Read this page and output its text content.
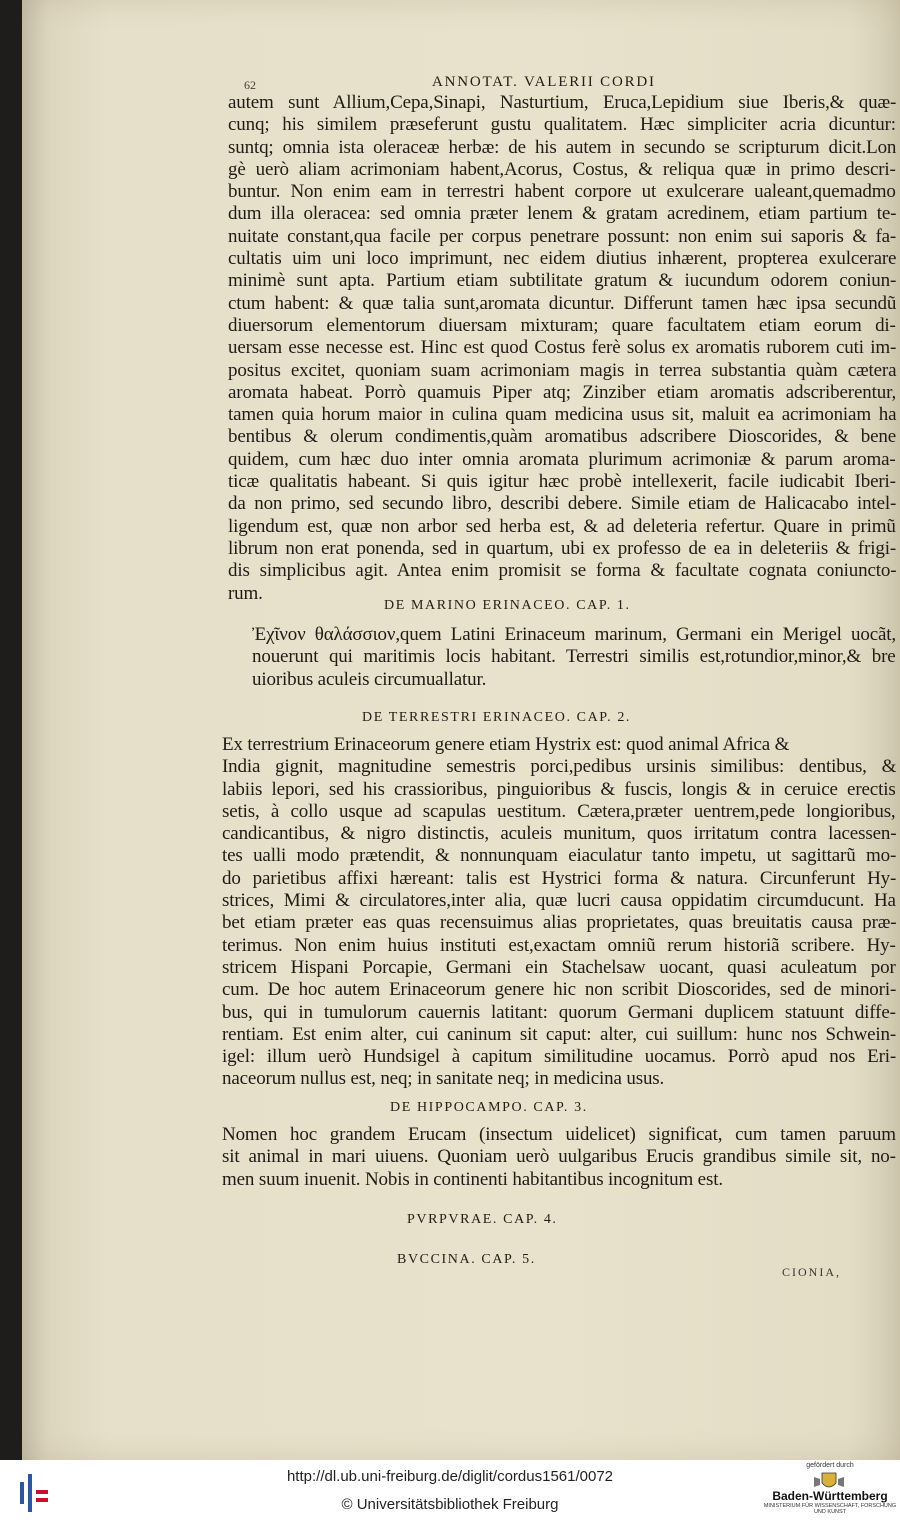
62	ANNOTAT. VALERII CORDI
autem sunt Allium,Cepa,Sinapi, Nasturtium, Eruca,Lepidium siue Iberis,& quæ-
cunq; his similem præseferunt gustu qualitatem. Hæc simpliciter acria dicuntur:
suntq; omnia ista oleraceæ herbæ: de his autem in secundo se scripturum dicit.Lon
gè uerò aliam acrimoniam habent,Acorus, Costus, & reliqua quæ in primo descri-
buntur. Non enim eam in terrestri habent corpore ut exulcerare ualeant,quemadmo
dum illa oleracea: sed omnia præter lenem & gratam acredinem, etiam partium te-
nuitate constant,qua facile per corpus penetrare possunt: non enim sui saporis & fa-
cultatis uim uni loco imprimunt, nec eidem diutius inhærent, propterea exulcerare
minimè sunt apta. Partium etiam subtilitate gratum & iucundum odorem coniun-
ctum habent: & quæ talia sunt,aromata dicuntur. Differunt tamen hæc ipsa secundũ
diuersorum elementorum diuersam mixturam; quare facultatem etiam eorum di-
uersam esse necesse est. Hinc est quod Costus ferè solus ex aromatis ruborem cuti im-
positus excitet, quoniam suam acrimoniam magis in terrea substantia quàm cætera
aromata habeat. Porrò quamuis Piper atq; Zinziber etiam aromatis adscriberentur,
tamen quia horum maior in culina quam medicina usus sit, maluit ea acrimoniam ha
bentibus & olerum condimentis,quàm aromatibus adscribere Dioscorides, & bene
quidem, cum hæc duo inter omnia aromata plurimum acrimoniæ & parum aroma-
ticæ qualitatis habeant. Si quis igitur hæc probè intellexerit, facile iudicabit Iberi-
da non primo, sed secundo libro, describi debere. Simile etiam de Halicacabo intel-
ligendum est, quæ non arbor sed herba est, & ad deleteria refertur. Quare in primũ
librum non erat ponenda, sed in quartum, ubi ex professo de ea in deleteriis & frigi-
dis simplicibus agit. Antea enim promisit se forma & facultate cognata coniuncto-
rum.
DE MARINO ERINACEO. CAP. 1.
Ἐχῖνον θαλάσσιον,quem Latini Erinaceum marinum, Germani ein Merigel uocãt,
nouerunt qui maritimis locis habitant. Terrestri similis est,rotundior,minor,& bre
uioribus aculeis circumuallatur.
DE TERRESTRI ERINACEO. CAP. 2.
Ex terrestrium Erinaceorum genere etiam Hystrix est: quod animal Africa &
India gignit, magnitudine semestris porci,pedibus ursinis similibus: dentibus, &
labiis lepori, sed his crassioribus, pinguioribus & fuscis, longis & in ceruice erectis
setis, à collo usque ad scapulas uestitum. Cætera,præter uentrem,pede longioribus,
candicantibus, & nigro distinctis, aculeis munitum, quos irritatum contra lacessen-
tes ualli modo prætendit, & nonnunquam eiaculatur tanto impetu, ut sagittarũ mo-
do parietibus affixi hæreant: talis est Hystrici forma & natura. Circunferunt Hy-
strices, Mimi & circulatores,inter alia, quæ lucri causa oppidatim circumducunt. Ha
bet etiam præter eas quas recensuimus alias proprietates, quas breuitatis causa præ-
terimus. Non enim huius instituti est,exactam omniũ rerum historiã scribere. Hy-
stricem Hispani Porcapie, Germani ein Stachelsaw uocant, quasi aculeatum por
cum. De hoc autem Erinaceorum genere hic non scribit Dioscorides, sed de minori-
bus, qui in tumulorum cauernis latitant: quorum Germani duplicem statuunt diffe-
rentiam. Est enim alter, cui caninum sit caput: alter, cui suillum: hunc nos Schwein-
igel: illum uerò Hundsigel à capitum similitudine uocamus. Porrò apud nos Eri-
naceorum nullus est, neq; in sanitate neq; in medicina usus.
DE HIPPOCAMPO. CAP. 3.
Nomen hoc grandem Erucam (insectum uidelicet) significat, cum tamen paruum
sit animal in mari uiuens. Quoniam uerò uulgaribus Erucis grandibus simile sit, no-
men suum inuenit. Nobis in continenti habitantibus incognitum est.
PVRPVRAE. CAP. 4.
BVCCINA. CAP. 5.
CIONIA,
http://dl.ub.uni-freiburg.de/diglit/cordus1561/0072
© Universitätsbibliothek Freiburg
gefördert durch
Baden-Württemberg
MINISTERIUM FÜR WISSENSCHAFT, FORSCHUNG UND KUNST
